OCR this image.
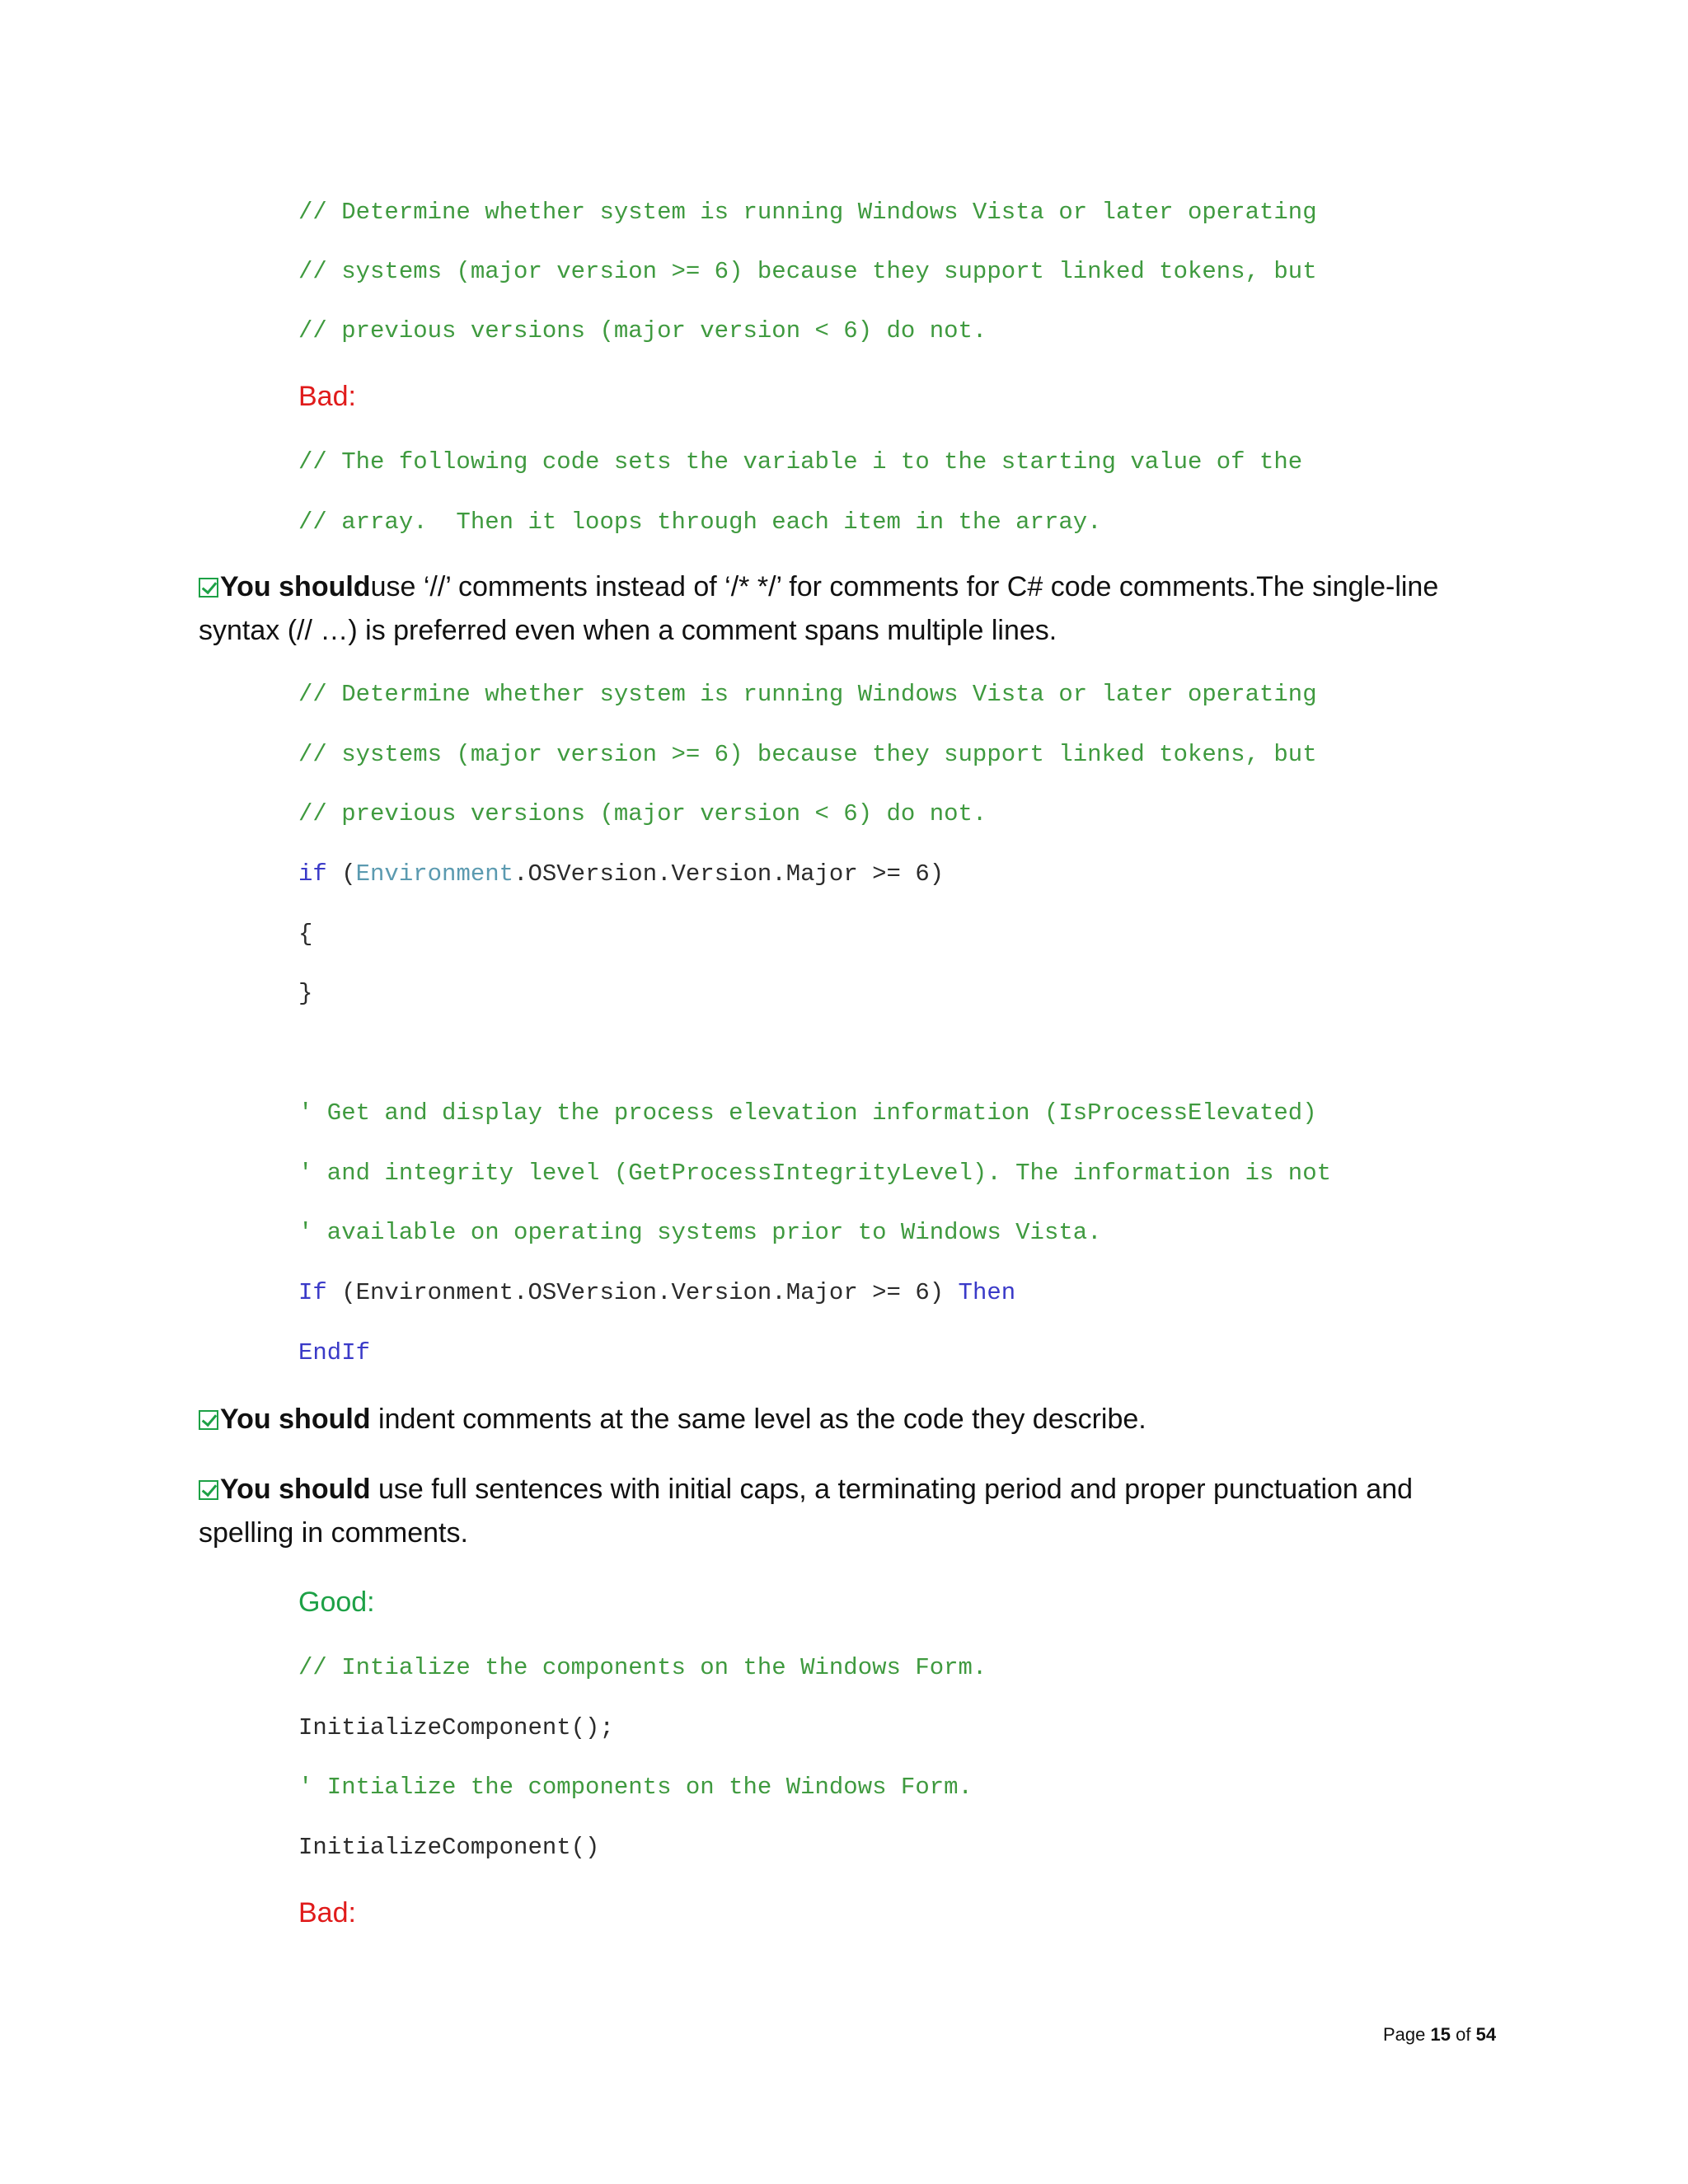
// Determine whether system is running Windows Vista or later operating
// systems (major version >= 6) because they support linked tokens, but
// previous versions (major version < 6) do not.
Bad:
// The following code sets the variable i to the starting value of the
// array.  Then it loops through each item in the array.
You shoulduse ‘//’ comments instead of ‘/* */’ for comments for C# code comments.The single-line syntax (// …) is preferred even when a comment spans multiple lines.
// Determine whether system is running Windows Vista or later operating
// systems (major version >= 6) because they support linked tokens, but
// previous versions (major version < 6) do not.
if (Environment.OSVersion.Version.Major >= 6)
{
}
' Get and display the process elevation information (IsProcessElevated)
' and integrity level (GetProcessIntegrityLevel). The information is not
' available on operating systems prior to Windows Vista.
If (Environment.OSVersion.Version.Major >= 6) Then
EndIf
You should indent comments at the same level as the code they describe.
You should use full sentences with initial caps, a terminating period and proper punctuation and spelling in comments.
Good:
// Intialize the components on the Windows Form.
InitializeComponent();
' Intialize the components on the Windows Form.
InitializeComponent()
Bad:
Page 15 of 54
